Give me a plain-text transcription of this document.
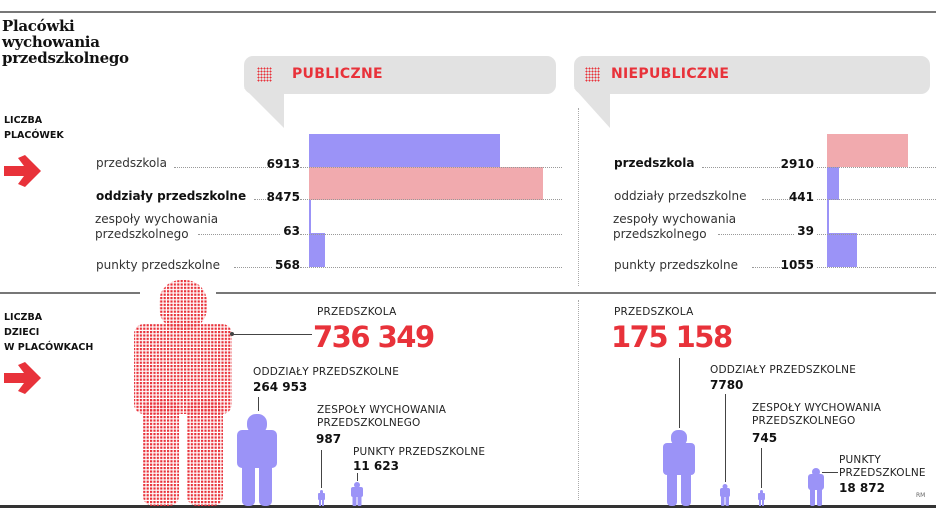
Placówki
wychowania
przedszkolnego
LICZBA
PLACÓWEK
LICZBA
DZIECI
W PLACÓWKACH
PUBLICZNE	NIEPUBLICZNE
przedszkola	6913
oddziały przedszkolne	8475
zespoły wychowania
przedszkolnego	63
punkty przedszkolne	568
przedszkola	2910
oddziały przedszkolne	441
zespoły wychowania
przedszkolnego	39
punkty przedszkolne	1055
PRZEDSZKOLA
736 349
ODDZIAŁY PRZEDSZKOLNE
264 953
ZESPOŁY WYCHOWANIA
PRZEDSZKOLNEGO
987
PUNKTY PRZEDSZKOLNE
11 623
PRZEDSZKOLA
175 158
ODDZIAŁY PRZEDSZKOLNE
7780
ZESPOŁY WYCHOWANIA
PRZEDSZKOLNEGO
745
PUNKTY
PRZEDSZKOLNE
18 872
RM
